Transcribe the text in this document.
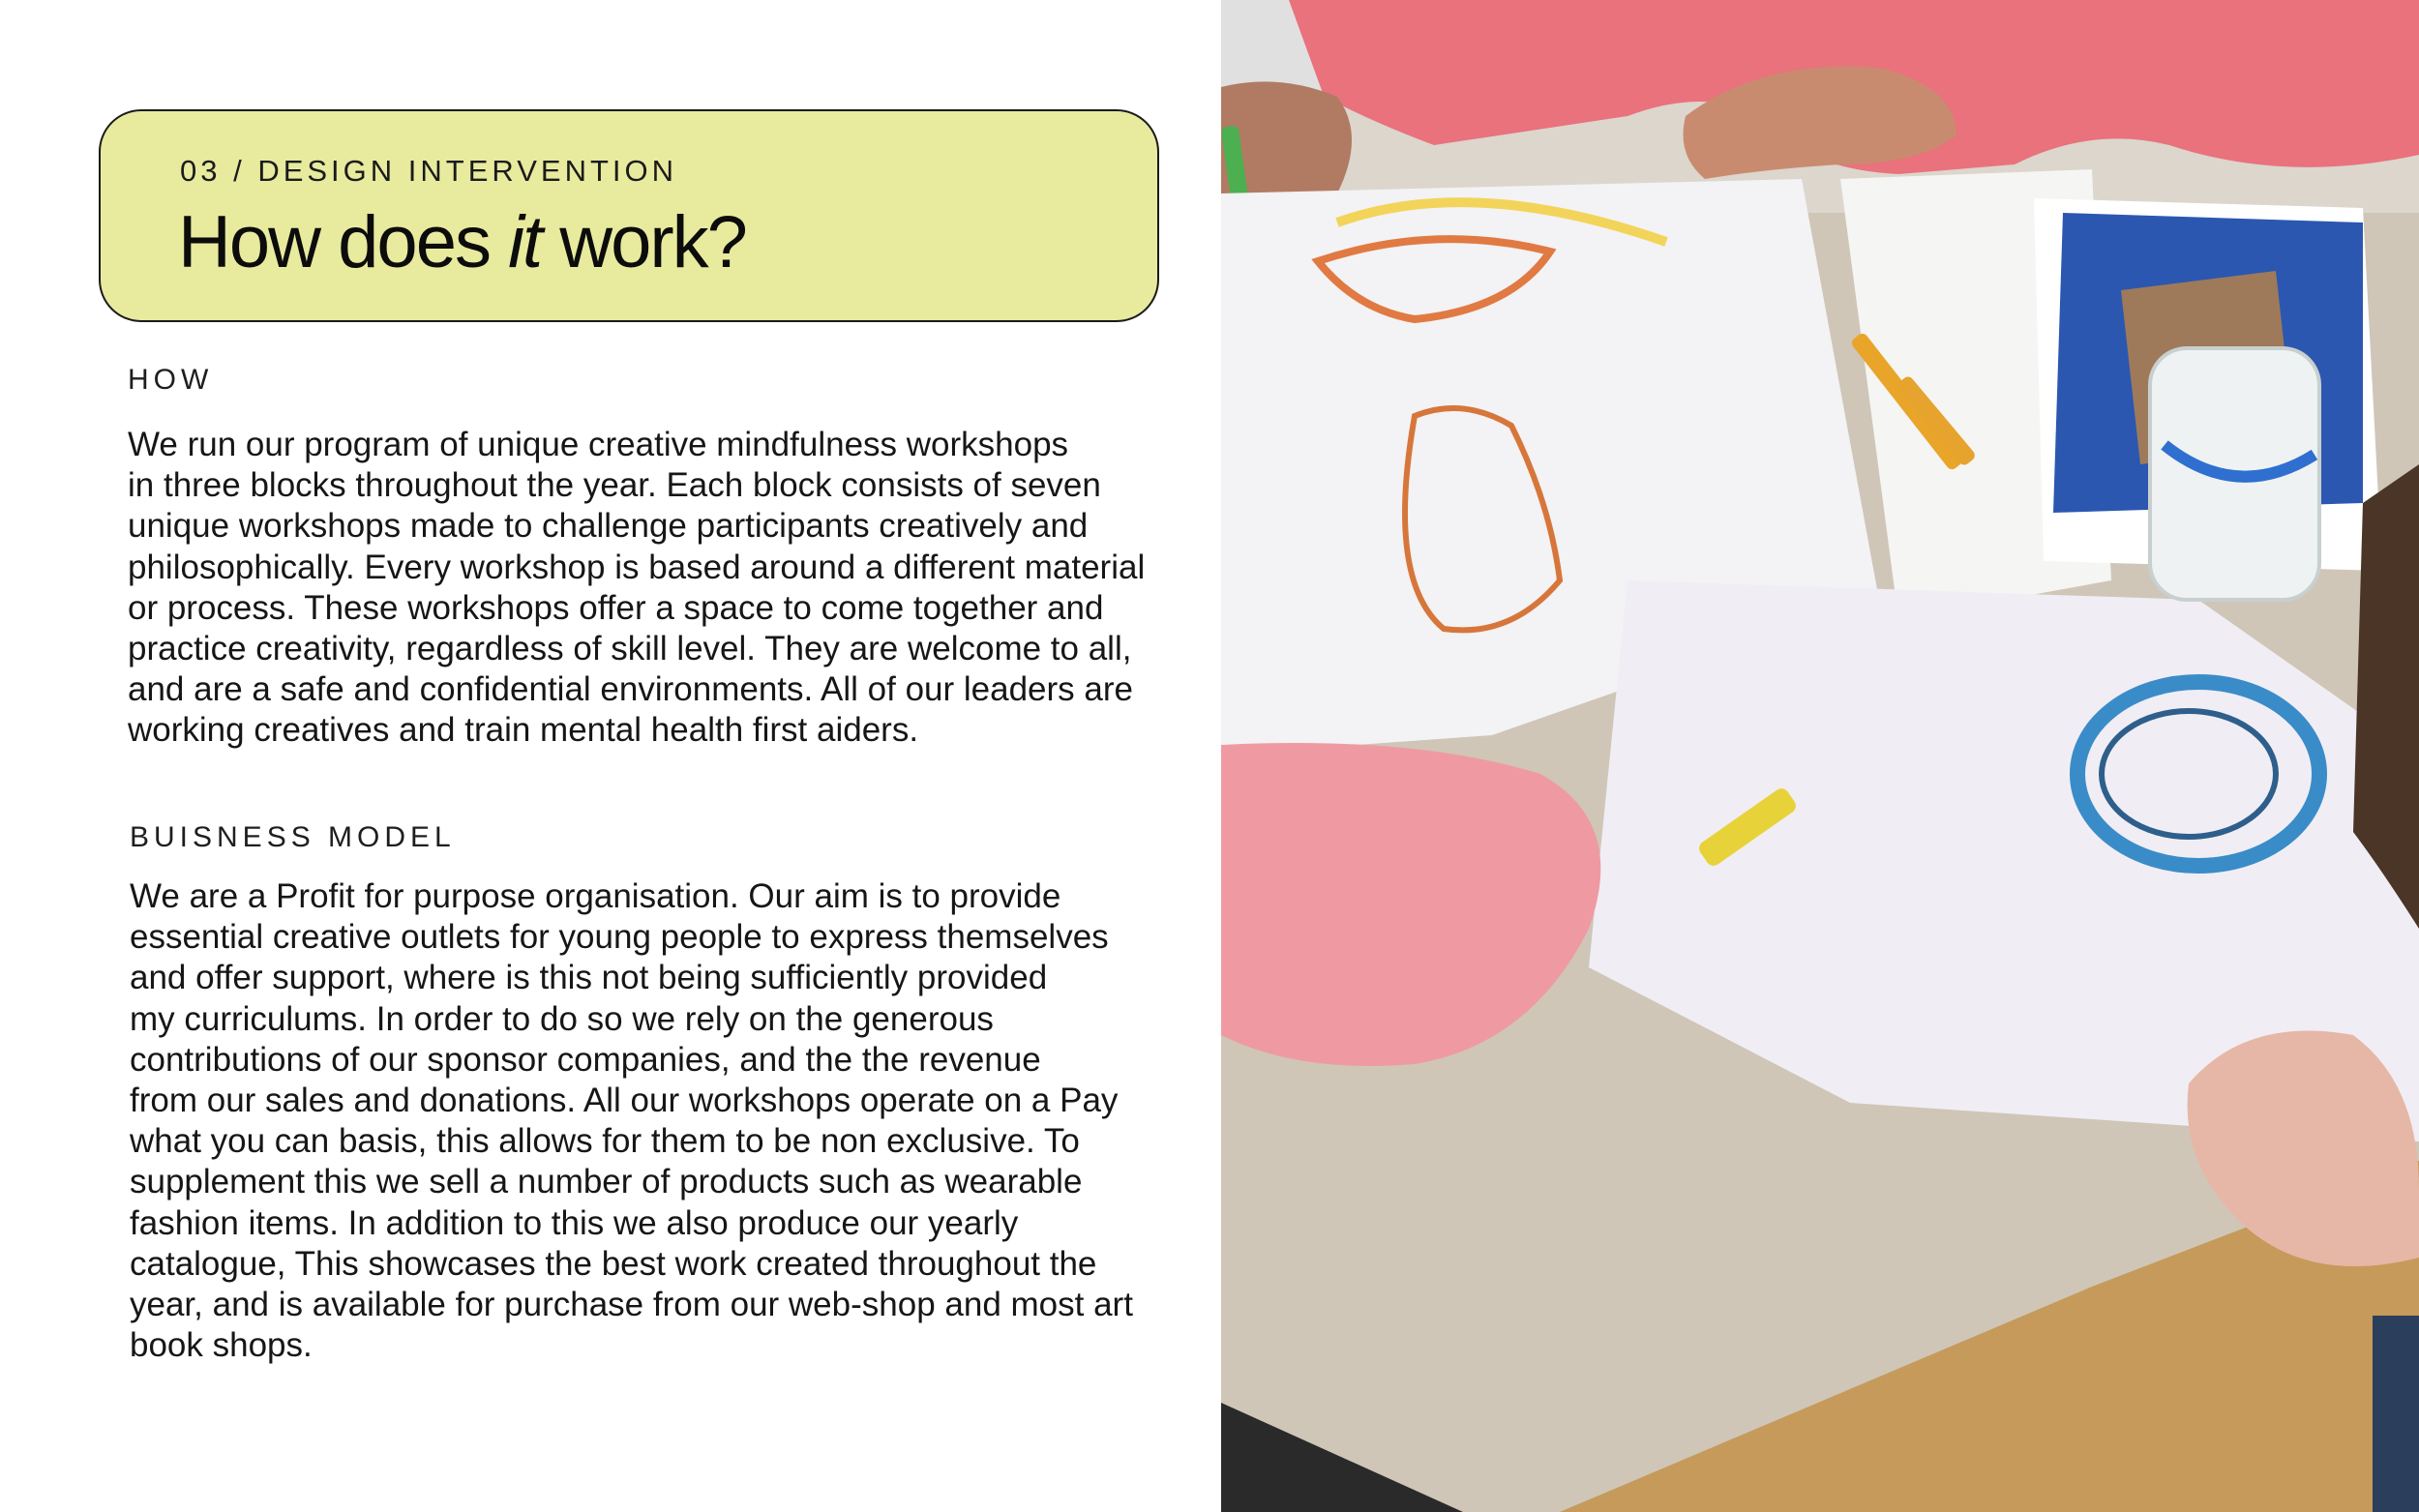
03 / DESIGN INTERVENTION
How does it work?
HOW

We run our program of unique creative mindfulness workshops
in three blocks throughout the year. Each block consists of seven
unique workshops made to challenge participants creatively and
philosophically. Every workshop is based around a different material
or process. These workshops offer a space to come together and
practice creativity, regardless of skill level. They are welcome to all,
and are a safe and confidential environments. All of our leaders are
working creatives and train mental health first aiders.

BUISNESS MODEL

We are a Profit for purpose organisation. Our aim is to provide
essential creative outlets for young people to express themselves
and offer support, where is this not being sufficiently provided
my curriculums. In order to do so we rely on the generous
contributions of our sponsor companies, and the the revenue
from our sales and donations. All our workshops operate on a Pay
what you can basis, this allows for them to be non exclusive. To
supplement this we sell a number of products such as wearable
fashion items. In addition to this we also produce our yearly
catalogue, This showcases the best work created throughout the
year, and is available for purchase from our web-shop and most art
book shops.
